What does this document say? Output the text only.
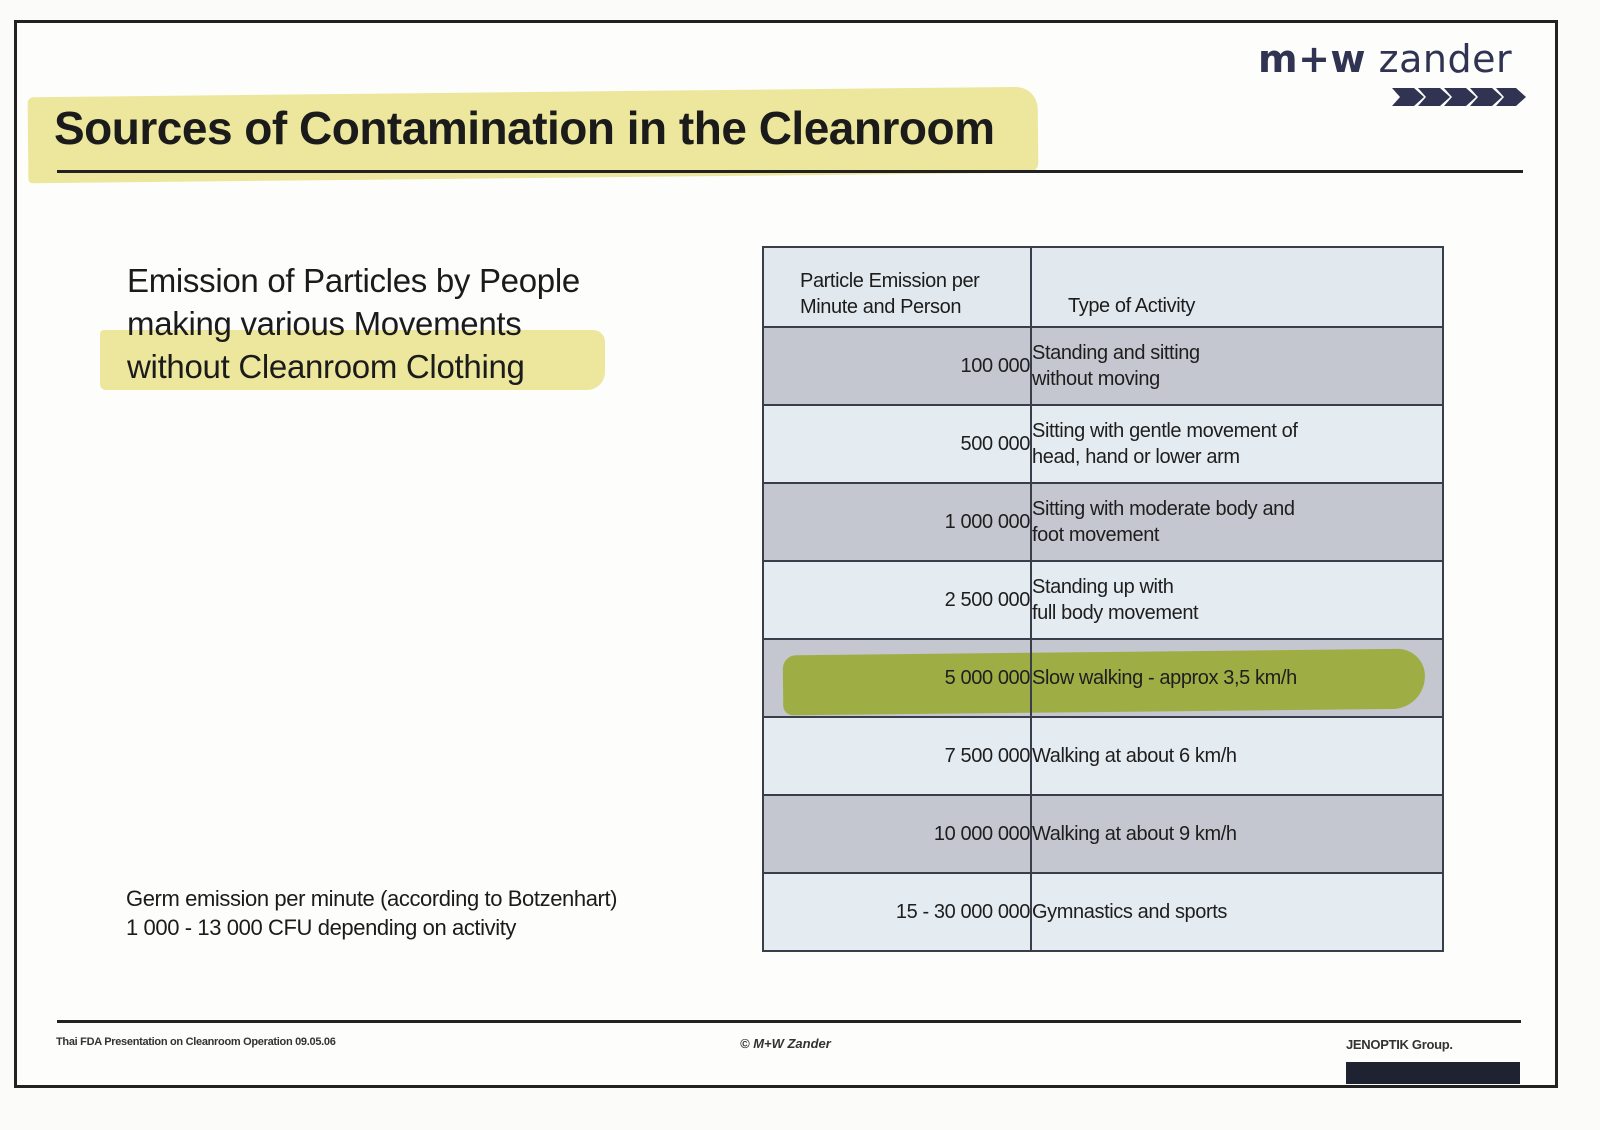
m+w zander
Sources of Contamination in the Cleanroom
Emission of Particles by People
making various Movements
without Cleanroom Clothing
Particle Emission per
Minute and Person	Type of Activity

100 000	Standing and sitting
without moving
500 000	Sitting with gentle movement of
head, hand or lower arm
1 000 000	Sitting with moderate body and
foot movement
2 500 000	Standing up with
full body movement
5 000 000	Slow walking - approx 3,5 km/h
7 500 000	Walking at about 6 km/h
10 000 000	Walking at about 9 km/h
15 - 30 000 000	Gymnastics and sports
Germ emission per minute (according to Botzenhart)
1 000 - 13 000 CFU depending on activity
Thai FDA Presentation on Cleanroom Operation 09.05.06	© M+W Zander	JENOPTIK Group.
